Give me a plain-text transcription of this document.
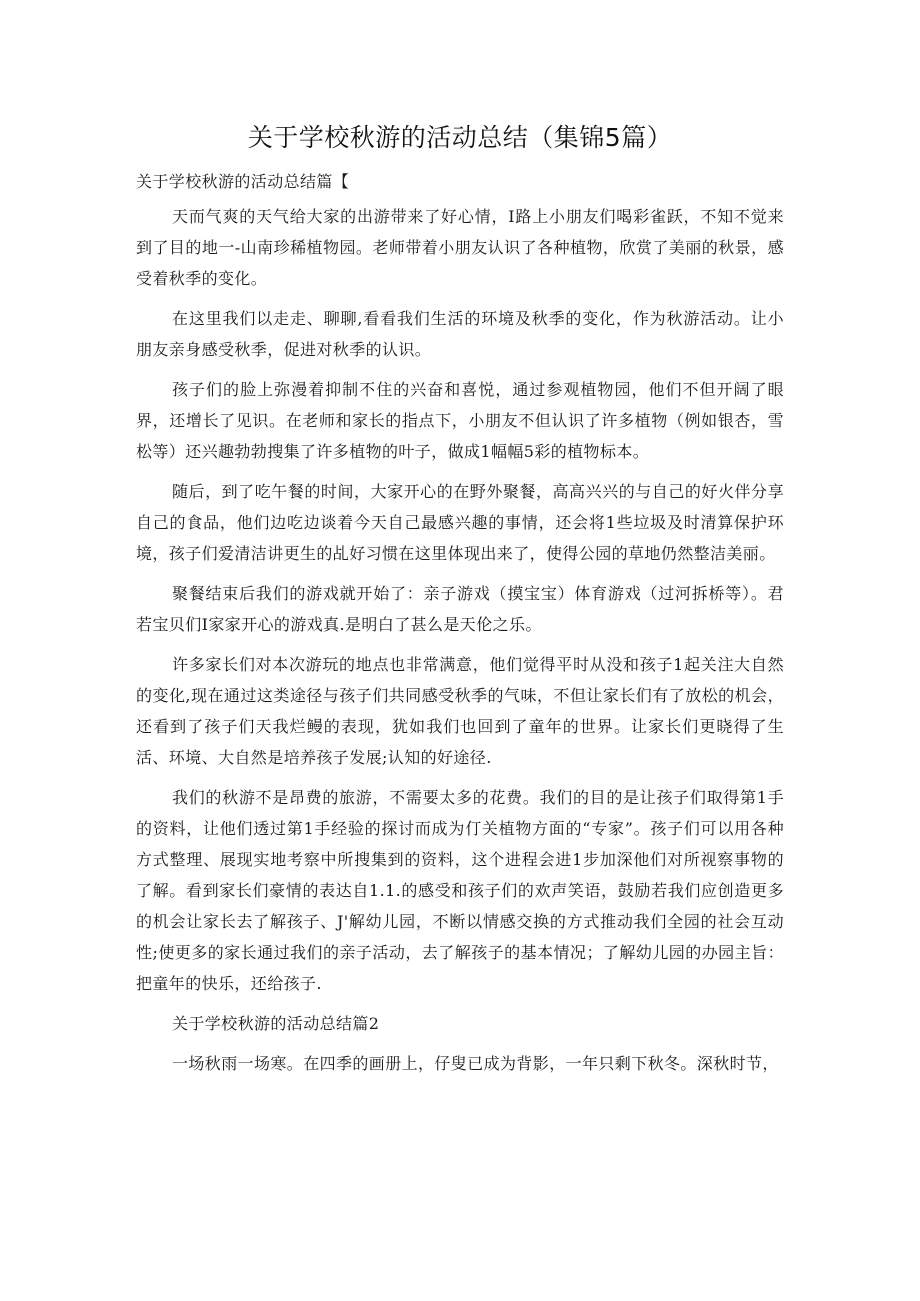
关于学校秋游的活动总结（集锦5篇）

关于学校秋游的活动总结篇【

天而气爽的天气给大家的出游带来了好心情，I路上小朋友们喝彩雀跃，不知不觉来到了目的地一-山南珍稀植物园。老师带着小朋友认识了各种植物，欣赏了美丽的秋景，感受着秋季的变化。

在这里我们以走走、聊聊,看看我们生活的环境及秋季的变化，作为秋游活动。让小朋友亲身感受秋季，促进对秋季的认识。

孩子们的脸上弥漫着抑制不住的兴奋和喜悦，通过参观植物园，他们不但开阔了眼界，还增长了见识。在老师和家长的指点下，小朋友不但认识了许多植物（例如银杏，雪松等）还兴趣勃勃搜集了许多植物的叶子，做成1幅幅5彩的植物标本。

随后，到了吃午餐的时间，大家开心的在野外聚餐，高高兴兴的与自己的好火伴分享自己的食品，他们边吃边谈着今天自己最感兴趣的事情，还会将1些垃圾及时清算保护环境，孩子们爱清洁讲更生的乩好习惯在这里体现出来了，使得公园的草地仍然整洁美丽。

聚餐结束后我们的游戏就开始了：亲子游戏（摸宝宝）体育游戏（过河拆桥等）。君若宝贝们I家家开心的游戏真.是明白了甚么是天伦之乐。

许多家长们对本次游玩的地点也非常满意，他们觉得平时从没和孩子1起关注大自然的变化,现在通过这类途径与孩子们共同感受秋季的气味，不但让家长们有了放松的机会，还看到了孩子们天我烂鳗的表现，犹如我们也回到了童年的世界。让家长们更晓得了生活、环境、大自然是培养孩子发展;认知的好途径.

我们的秋游不是昂费的旅游，不需要太多的花费。我们的目的是让孩子们取得第1手的资料，让他们透过第1手经验的探讨而成为仃关植物方面的“专家”。孩子们可以用各种方式整理、展现实地考察中所搜集到的资料，这个进程会进1步加深他们对所视察事物的了解。看到家长们豪情的表达自1.1.的感受和孩子们的欢声笑语，鼓励若我们应创造更多的机会让家长去了解孩子、J'解幼儿园，不断以情感交换的方式推动我们全园的社会互动性;使更多的家长通过我们的亲子活动，去了解孩子的基本情况；了解幼儿园的办园主旨：把童年的快乐，还给孩子.

关于学校秋游的活动总结篇2

一场秋雨一场寒。在四季的画册上，仔叟已成为背影，一年只剩下秋冬。深秋时节，
